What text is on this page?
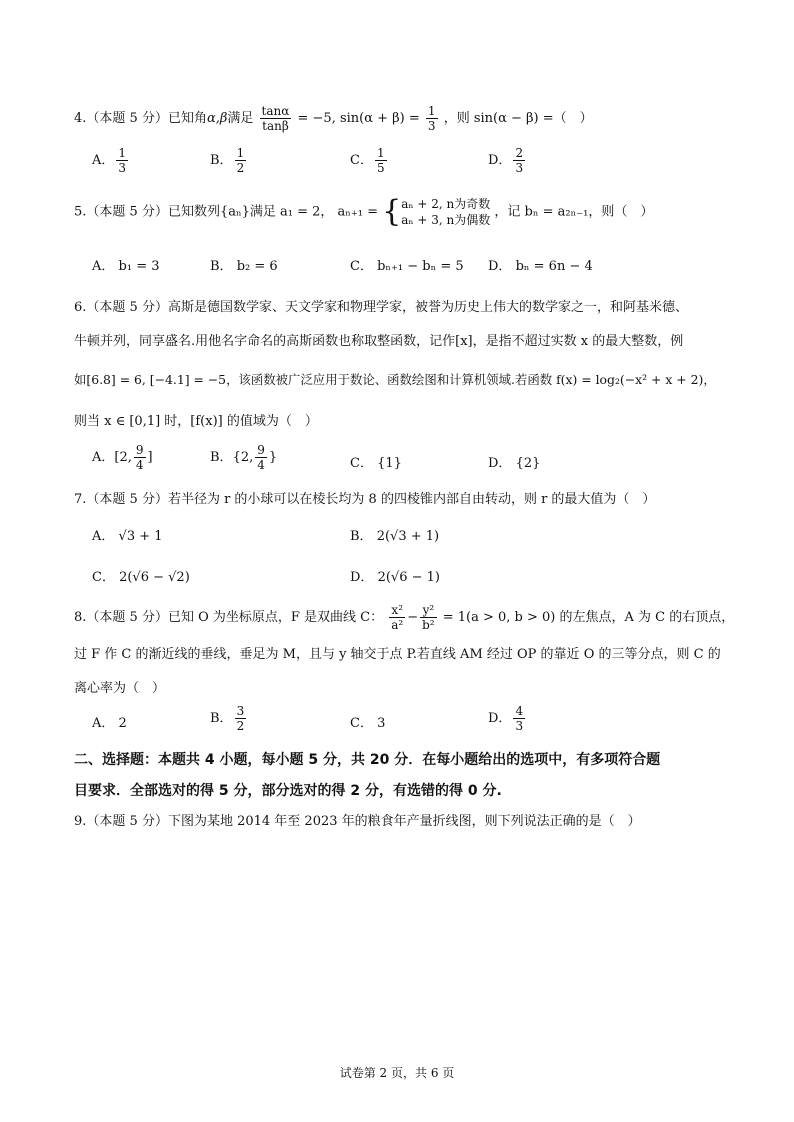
4.（本题 5 分）已知角α,β满足 $\frac{\tan\alpha}{\tan\beta} = -5$, $\sin(\alpha + \beta) = \frac{1}{3}$ ，则 sin(α − β) =（　）
A． $\frac{1}{3}$	B． $\frac{1}{2}$	C． $\frac{1}{5}$	D． $\frac{2}{3}$
5.（本题 5 分）已知数列{aₙ}满足 a₁ = 2， aₙ₊₁ = { aₙ + 2, n为奇数
aₙ + 3, n为偶数
，记 bₙ = a₂ₙ₋₁，则（　）
A． b₁ = 3	B． b₂ = 6	C． bₙ₊₁ − bₙ = 5 D． bₙ = 6n − 4
6.（本题 5 分）高斯是德国数学家、天文学家和物理学家，被誉为历史上伟大的数学家之一，和阿基米德、
牛顿并列，同享盛名.用他名字命名的高斯函数也称取整函数，记作[x]，是指不超过实数 x 的最大整数，例
如[6.8] = 6, [−4.1] = −5，该函数被广泛应用于数论、函数绘图和计算机领域.若函数 f(x) = log₂(−x² + x + 2)，
则当 x ∈ [0,1] 时，[f(x)] 的值域为（　）
A．[2, $\frac{9}{4}$ ]	B．{2, $\frac{9}{4}$ }	C． {1}	D． {2}
7.（本题 5 分）若半径为 r 的小球可以在棱长均为 8 的四棱锥内部自由转动，则 r 的最大值为（　）
A． √3 + 1	B． 2(√3 + 1)
C． 2(√6 − √2)	D． 2(√6 − 1)
8.（本题 5 分）已知 O 为坐标原点，F 是双曲线 C： $\frac{\text{x²}}{\text{a²}} - \frac{\text{y²}}{\text{b²}} = 1(a > 0$, b > 0) 的左焦点，A 为 C 的右顶点，
过 F 作 C 的渐近线的垂线，垂足为 M，且与 y 轴交于点 P.若直线 AM 经过 OP 的靠近 O 的三等分点，则 C 的
离心率为（　）
A． 2	B． $\frac{3}{2}$	C． 3	D． $\frac{4}{3}$
二、选择题：本题共 4 小题，每小题 5 分，共 20 分．在每小题给出的选项中，有多项符合题
目要求．全部选对的得 5 分，部分选对的得 2 分，有选错的得 0 分.
9.（本题 5 分）下图为某地 2014 年至 2023 年的粮食年产量折线图，则下列说法正确的是（　）
试卷第 2 页，共 6 页
